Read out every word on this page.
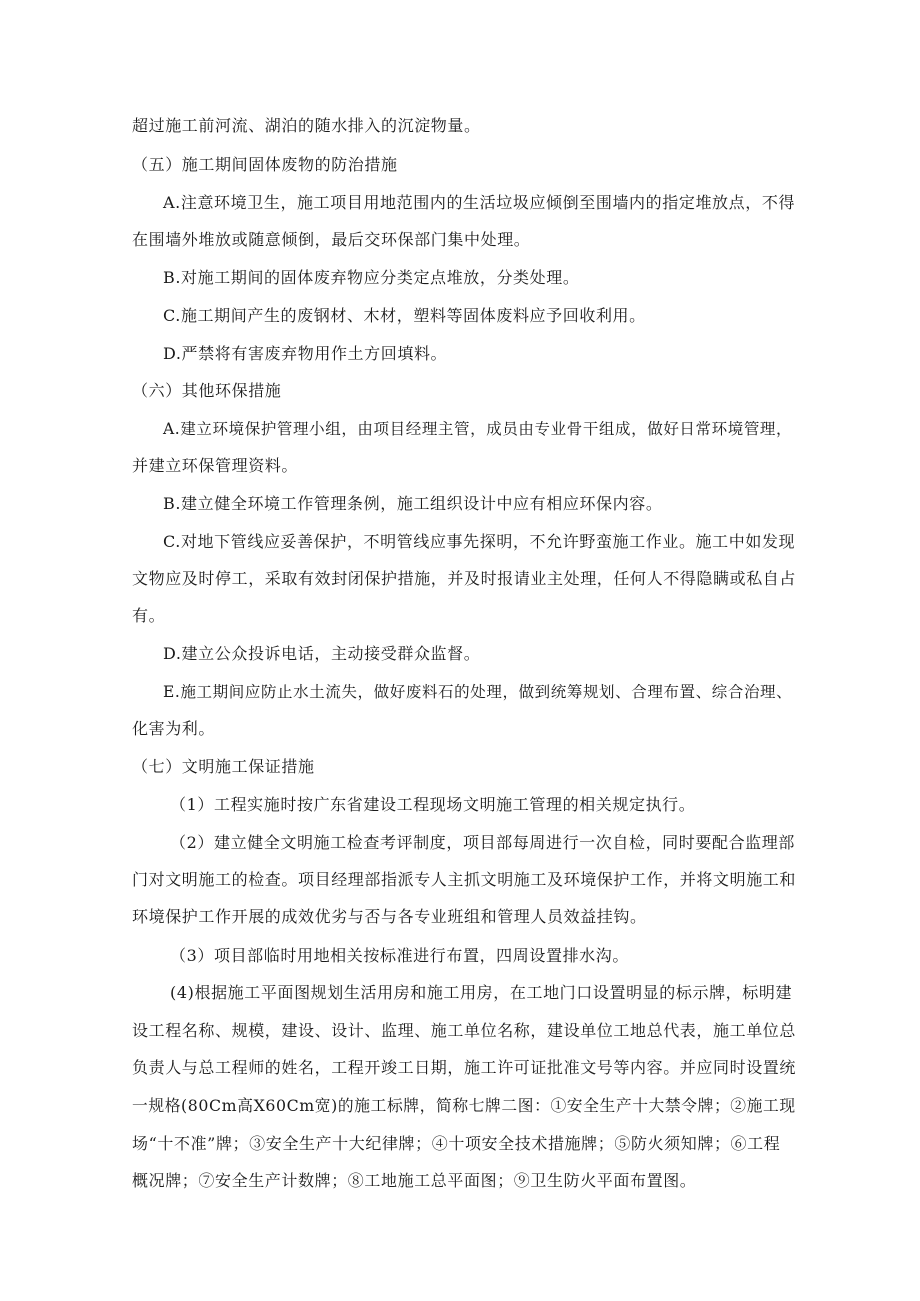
超过施工前河流、湖泊的随水排入的沉淀物量。
（五）施工期间固体废物的防治措施
A.注意环境卫生，施工项目用地范围内的生活垃圾应倾倒至围墙内的指定堆放点，不得
在围墙外堆放或随意倾倒，最后交环保部门集中处理。
B.对施工期间的固体废弃物应分类定点堆放，分类处理。
C.施工期间产生的废钢材、木材，塑料等固体废料应予回收利用。
D.严禁将有害废弃物用作土方回填料。
（六）其他环保措施
A.建立环境保护管理小组，由项目经理主管，成员由专业骨干组成，做好日常环境管理，
并建立环保管理资料。
B.建立健全环境工作管理条例，施工组织设计中应有相应环保内容。
C.对地下管线应妥善保护，不明管线应事先探明，不允许野蛮施工作业。施工中如发现
文物应及时停工，采取有效封闭保护措施，并及时报请业主处理，任何人不得隐瞒或私自占
有。
D.建立公众投诉电话，主动接受群众监督。
E.施工期间应防止水土流失，做好废料石的处理，做到统筹规划、合理布置、综合治理、
化害为利。
（七）文明施工保证措施
（1）工程实施时按广东省建设工程现场文明施工管理的相关规定执行。
（2）建立健全文明施工检查考评制度，项目部每周进行一次自检，同时要配合监理部
门对文明施工的检查。项目经理部指派专人主抓文明施工及环境保护工作，并将文明施工和
环境保护工作开展的成效优劣与否与各专业班组和管理人员效益挂钩。
（3）项目部临时用地相关按标准进行布置，四周设置排水沟。
(4)根据施工平面图规划生活用房和施工用房，在工地门口设置明显的标示牌，标明建
设工程名称、规模，建设、设计、监理、施工单位名称，建设单位工地总代表，施工单位总
负责人与总工程师的姓名，工程开竣工日期，施工许可证批准文号等内容。并应同时设置统
一规格(80Cm高X60Cm宽)的施工标牌，简称七牌二图：①安全生产十大禁令牌；②施工现
场“十不准”牌；③安全生产十大纪律牌；④十项安全技术措施牌；⑤防火须知牌；⑥工程
概况牌；⑦安全生产计数牌；⑧工地施工总平面图；⑨卫生防火平面布置图。
